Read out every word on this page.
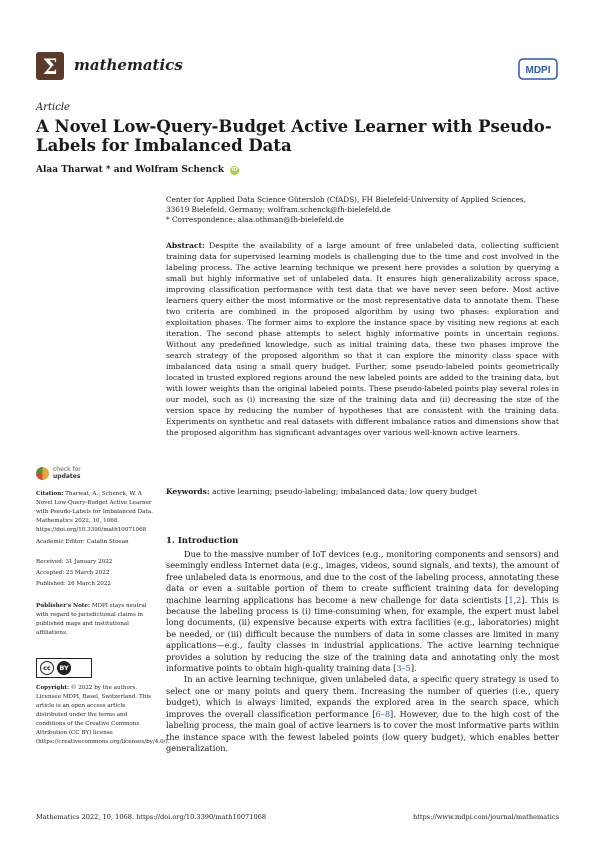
Σ	mathematics	MDPI
Article
A Novel Low-Query-Budget Active Learner with Pseudo-Labels for Imbalanced Data
Alaa Tharwat * and Wolfram Schenck iD
Center for Applied Data Science Gütersloh (CfADS), FH Bielefeld-University of Applied Sciences,
33619 Bielefeld, Germany; wolfram.schenck@fh-bielefeld.de
* Correspondence: alaa.othman@fh-bielefeld.de
Abstract: Despite the availability of a large amount of free unlabeled data, collecting sufficient training data for supervised learning models is challenging due to the time and cost involved in the labeling process. The active learning technique we present here provides a solution by querying a small but highly informative set of unlabeled data. It ensures high generalizability across space, improving classification performance with test data that we have never seen before. Most active learners query either the most informative or the most representative data to annotate them. These two criteria are combined in the proposed algorithm by using two phases: exploration and exploitation phases. The former aims to explore the instance space by visiting new regions at each iteration. The second phase attempts to select highly informative points in uncertain regions. Without any predefined knowledge, such as initial training data, these two phases improve the search strategy of the proposed algorithm so that it can explore the minority class space with imbalanced data using a small query budget. Further, some pseudo-labeled points geometrically located in trusted explored regions around the new labeled points are added to the training data, but with lower weights than the original labeled points. These pseudo-labeled points play several roles in our model, such as (i) increasing the size of the training data and (ii) decreasing the size of the version space by reducing the number of hypotheses that are consistent with the training data. Experiments on synthetic and real datasets with different imbalance ratios and dimensions show that the proposed algorithm has significant advantages over various well-known active learners.
Keywords: active learning; pseudo-labeling; imbalanced data; low query budget
1. Introduction

Due to the massive number of IoT devices (e.g., monitoring components and sensors) and seemingly endless Internet data (e.g., images, videos, sound signals, and texts), the amount of free unlabeled data is enormous, and due to the cost of the labeling process, annotating these data or even a suitable portion of them to create sufficient training data for developing machine learning applications has become a new challenge for data scientists [1,2]. This is because the labeling process is (i) time-consuming when, for example, the expert must label long documents, (ii) expensive because experts with extra facilities (e.g., laboratories) might be needed, or (iii) difficult because the numbers of data in some classes are limited in many applications—e.g., faulty classes in industrial applications. The active learning technique provides a solution by reducing the size of the training data and annotating only the most informative points to obtain high-quality training data [3–5].

In an active learning technique, given unlabeled data, a specific query strategy is used to select one or many points and query them. Increasing the number of queries (i.e., query budget), which is always limited, expands the explored area in the search space, which improves the overall classification performance [6–8]. However, due to the high cost of the labeling process, the main goal of active learners is to cover the most informative parts within the instance space with the fewest labeled points (low query budget), which enables better generalization.

check for
updates
Citation: Tharwat, A.; Schenck, W. A Novel Low-Query-Budget Active Learner with Pseudo-Labels for Imbalanced Data. Mathematics 2022, 10, 1068. https://doi.org/10.3390/math10071068
Academic Editor: Catalin Stoean
Received: 31 January 2022
Accepted: 23 March 2022
Published: 26 March 2022
Publisher's Note: MDPI stays neutral with regard to jurisdictional claims in published maps and institutional affiliations.
cc	BY
Copyright: © 2022 by the authors. Licensee MDPI, Basel, Switzerland. This article is an open access article distributed under the terms and conditions of the Creative Commons Attribution (CC BY) license (https://creativecommons.org/licenses/by/4.0/).
Mathematics 2022, 10, 1068. https://doi.org/10.3390/math10071068	https://www.mdpi.com/journal/mathematics
